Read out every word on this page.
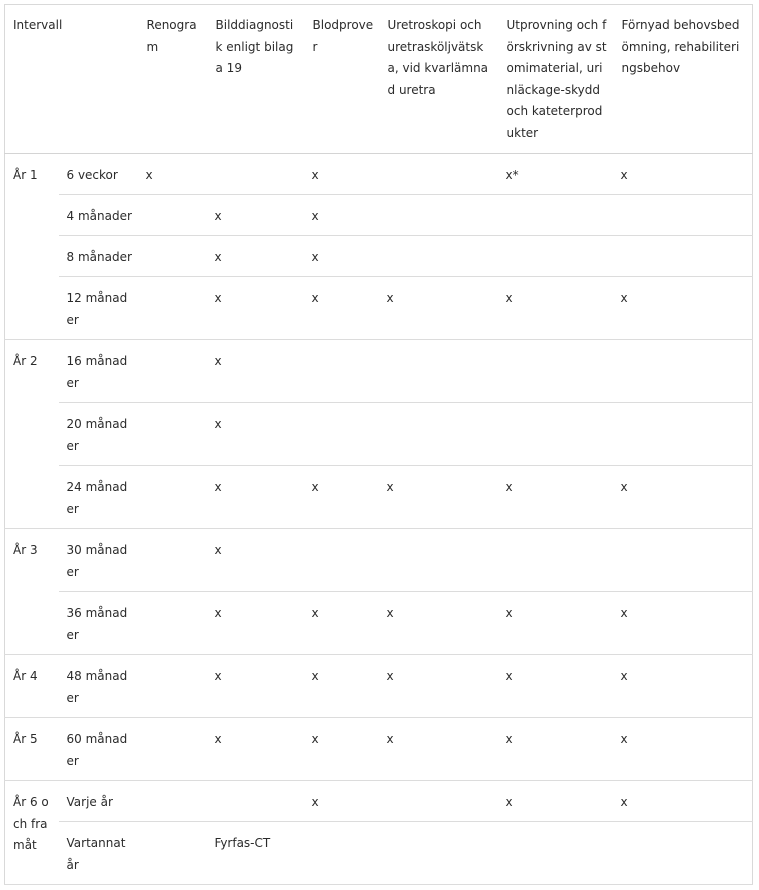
Intervall		Renogram	Bilddiagnostik enligt bilaga 19	Blodprover	Uretroskopi och uretrasköljvätska, vid kvarlämnad uretra	Utprovning och förskrivning av stomimaterial, urinläckage-skydd och kateterprodukter	Förnyad behovsbedömning, rehabiliteringsbehov
År 1	6 veckor	x		x		x*	x
	4 månader		x	x			
	8 månader		x	x			
	12 månader		x	x	x	x	x
År 2	16 månader		x				
	20 månader		x				
	24 månader		x	x	x	x	x
År 3	30 månader		x				
	36 månader		x	x	x	x	x
År 4	48 månader		x	x	x	x	x
År 5	60 månader		x	x	x	x	x
År 6 och framåt	Varje år			x		x	x
	Vartannat år		Fyrfas-CT				
